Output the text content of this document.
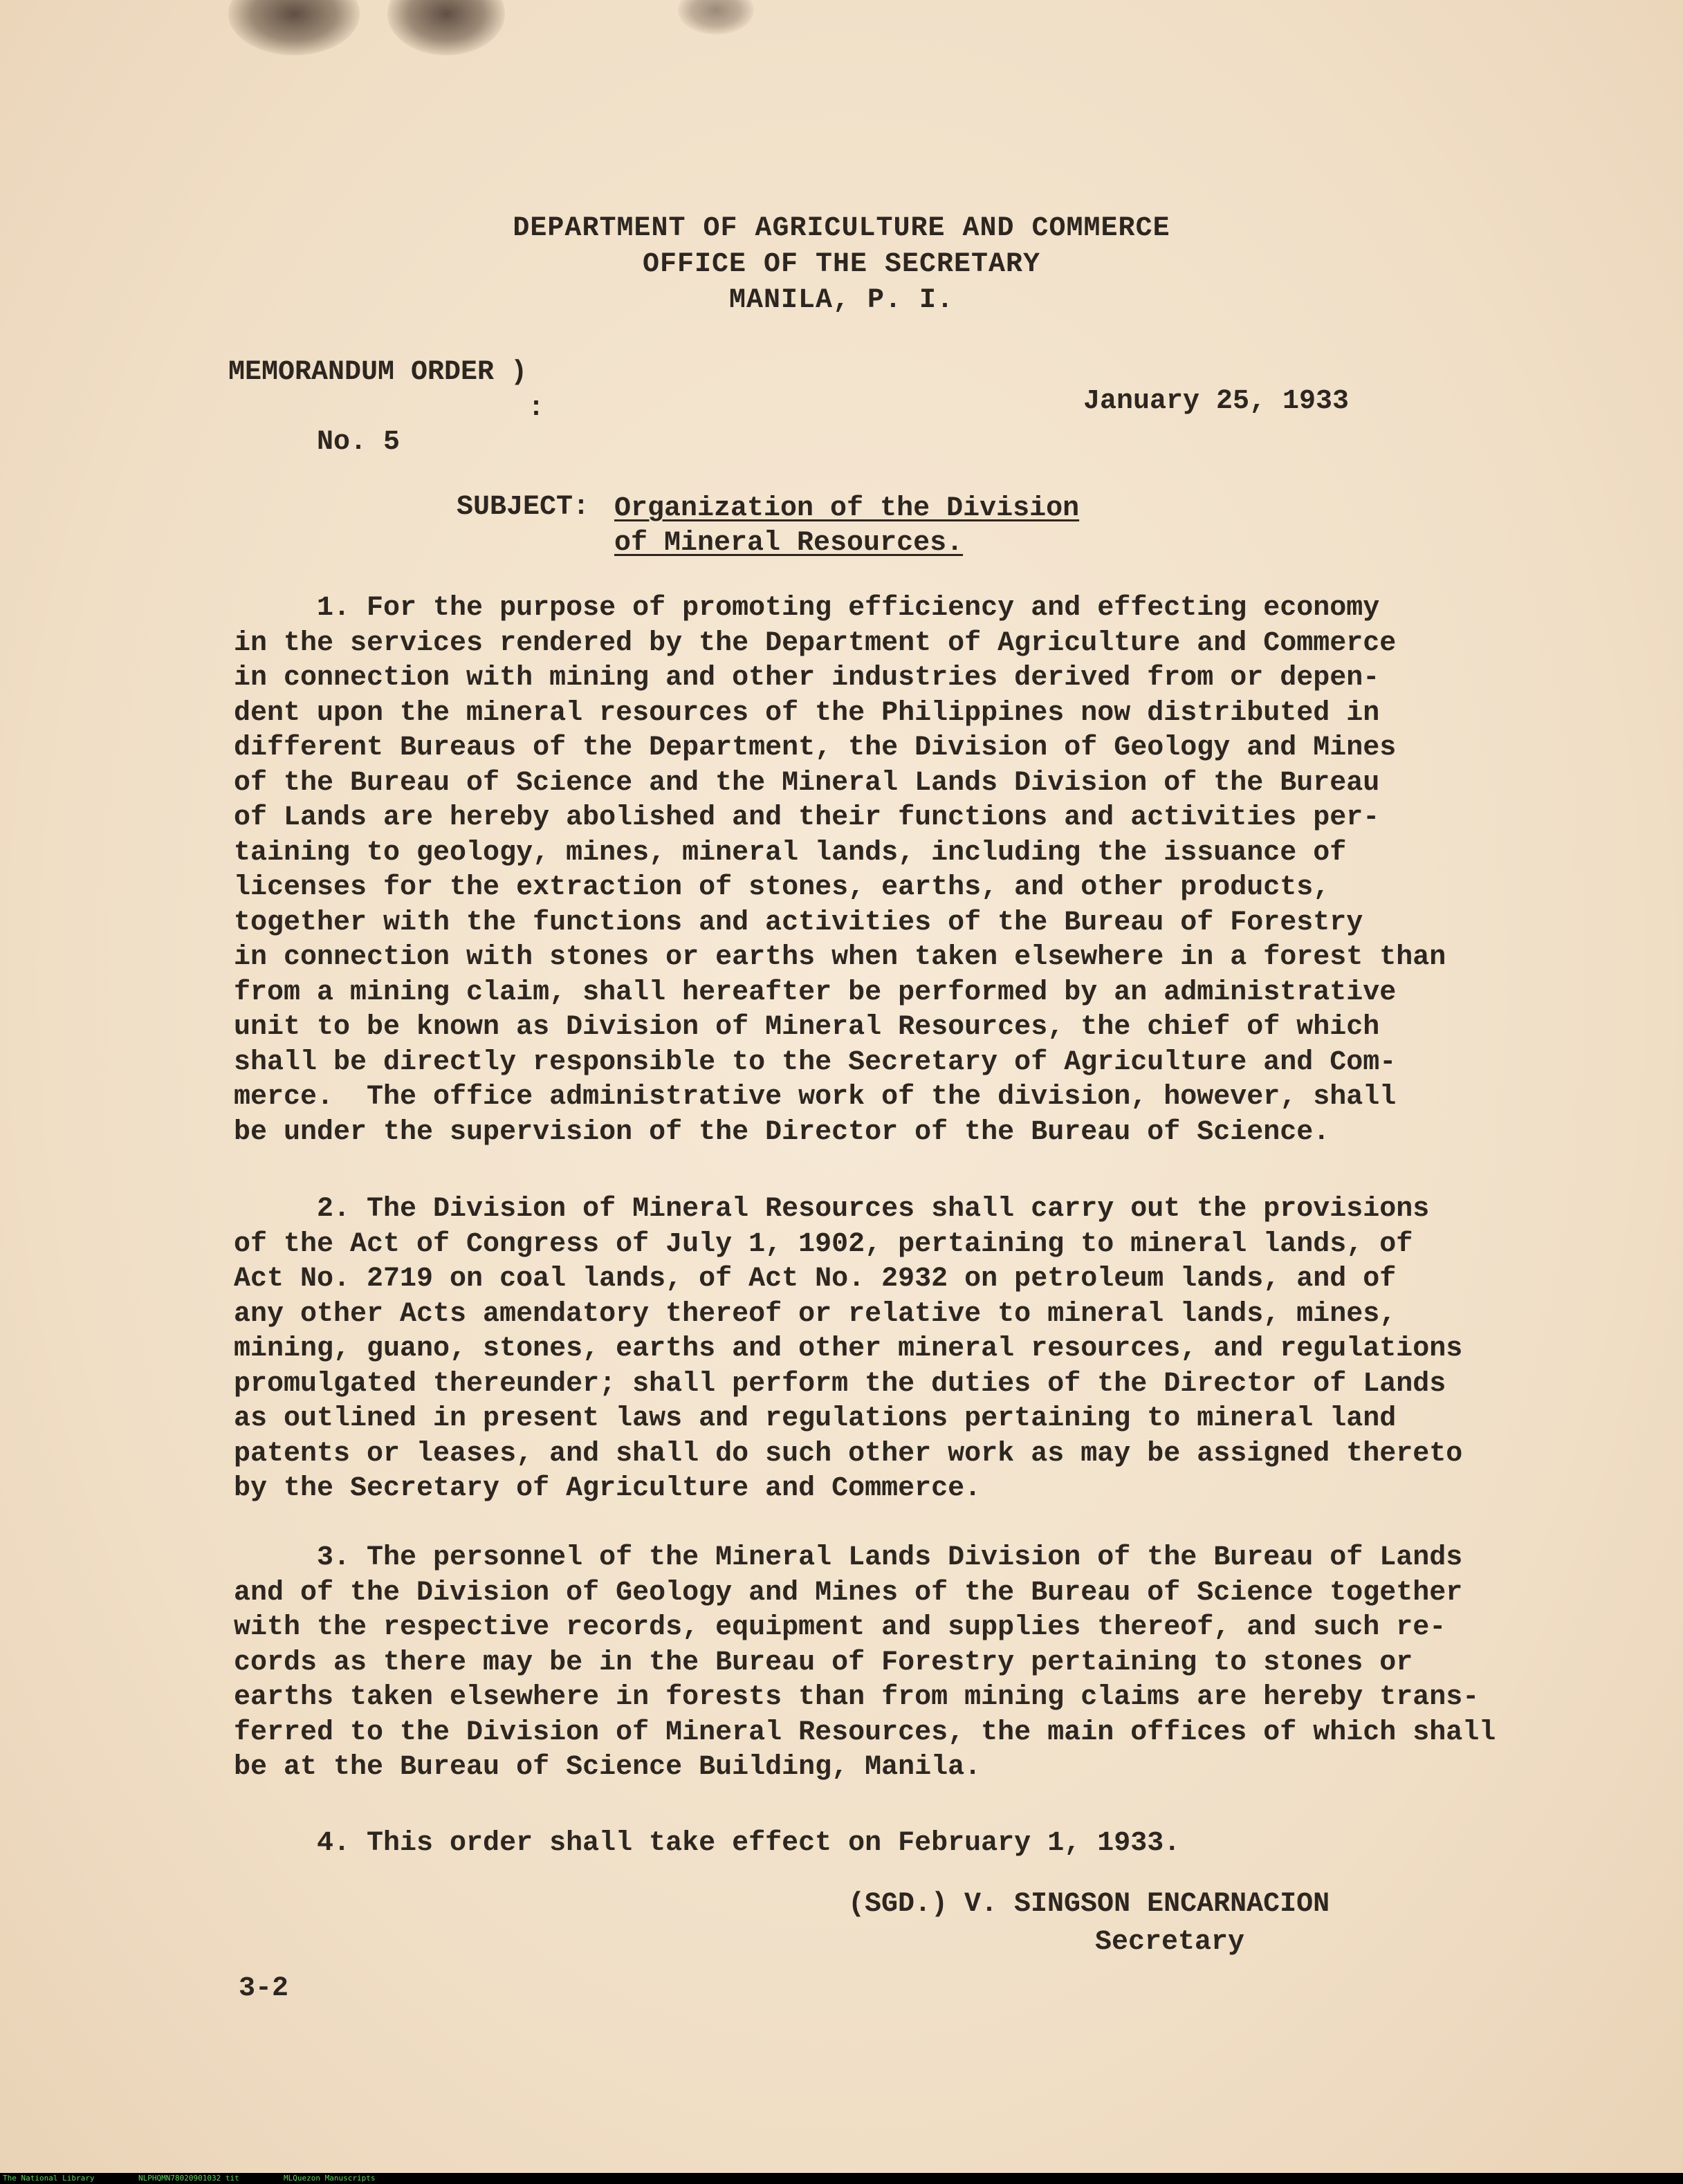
DEPARTMENT OF AGRICULTURE AND COMMERCE
OFFICE OF THE SECRETARY
MANILA, P. I.
MEMORANDUM ORDER )
:	January 25, 1933
No. 5
SUBJECT: Organization of the Division
of Mineral Resources.
1. For the purpose of promoting efficiency and effecting economy
in the services rendered by the Department of Agriculture and Commerce
in connection with mining and other industries derived from or depen-
dent upon the mineral resources of the Philippines now distributed in
different Bureaus of the Department, the Division of Geology and Mines
of the Bureau of Science and the Mineral Lands Division of the Bureau
of Lands are hereby abolished and their functions and activities per-
taining to geology, mines, mineral lands, including the issuance of
licenses for the extraction of stones, earths, and other products,
together with the functions and activities of the Bureau of Forestry
in connection with stones or earths when taken elsewhere in a forest than
from a mining claim, shall hereafter be performed by an administrative
unit to be known as Division of Mineral Resources, the chief of which
shall be directly responsible to the Secretary of Agriculture and Com-
merce.  The office administrative work of the division, however, shall
be under the supervision of the Director of the Bureau of Science.
2. The Division of Mineral Resources shall carry out the provisions
of the Act of Congress of July 1, 1902, pertaining to mineral lands, of
Act No. 2719 on coal lands, of Act No. 2932 on petroleum lands, and of
any other Acts amendatory thereof or relative to mineral lands, mines,
mining, guano, stones, earths and other mineral resources, and regulations
promulgated thereunder; shall perform the duties of the Director of Lands
as outlined in present laws and regulations pertaining to mineral land
patents or leases, and shall do such other work as may be assigned thereto
by the Secretary of Agriculture and Commerce.
3. The personnel of the Mineral Lands Division of the Bureau of Lands
and of the Division of Geology and Mines of the Bureau of Science together
with the respective records, equipment and supplies thereof, and such re-
cords as there may be in the Bureau of Forestry pertaining to stones or
earths taken elsewhere in forests than from mining claims are hereby trans-
ferred to the Division of Mineral Resources, the main offices of which shall
be at the Bureau of Science Building, Manila.
4. This order shall take effect on February 1, 1933.
(SGD.) V. SINGSON ENCARNACION
Secretary
3-2

The National Library

	NLPHQMN78020901032 tit

	MLQuezon Manuscripts
